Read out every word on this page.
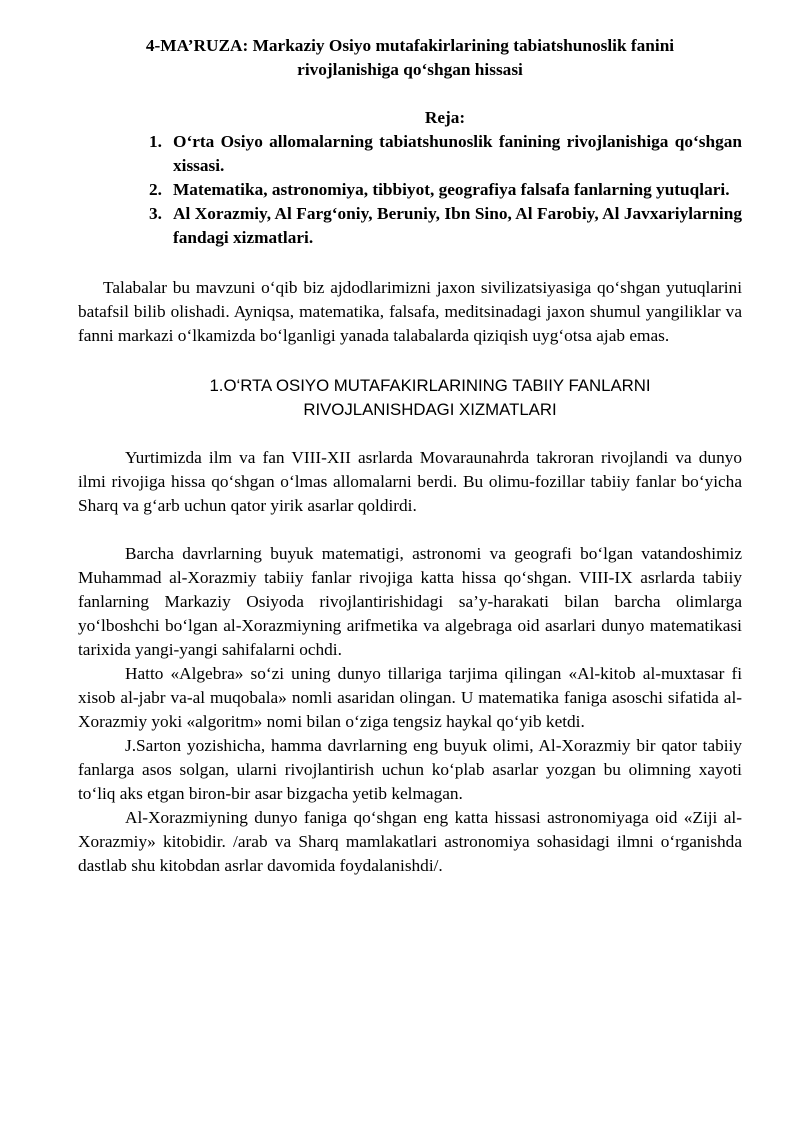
4-MA’RUZA: Markaziy Osiyo mutafakirlarining tabiatshunoslik fanini
rivojlanishiga qo‘shgan hissasi
Reja:
1. O‘rta Osiyo allomalarning tabiatshunoslik fanining rivojlanishiga qo‘shgan xissasi.
2. Matematika, astronomiya, tibbiyot, geografiya falsafa fanlarning yutuqlari.
3. Al Xorazmiy, Al Farg‘oniy, Beruniy, Ibn Sino, Al Farobiy, Al Javxariylarning fandagi xizmatlari.

Talabalar bu mavzuni o‘qib biz ajdodlarimizni jaxon sivilizatsiyasiga qo‘shgan yutuqlarini batafsil bilib olishadi. Ayniqsa, matematika, falsafa, meditsinadagi jaxon shumul yangiliklar va fanni markazi o‘lkamizda bo‘lganligi yanada talabalarda qiziqish uyg‘otsa ajab emas.

1.O‘RTA OSIYO MUTAFAKIRLARINING TABIIY FANLARNI
RIVOJLANISHDAGI XIZMATLARI

Yurtimizda ilm va fan VIII-XII asrlarda Movaraunahrda takroran rivojlandi va dunyo ilmi rivojiga hissa qo‘shgan o‘lmas allomalarni berdi. Bu olimu-fozillar tabiiy fanlar bo‘yicha Sharq va g‘arb uchun qator yirik asarlar qoldirdi.

Barcha davrlarning buyuk matematigi, astronomi va geografi bo‘lgan vatandoshimiz Muhammad al-Xorazmiy tabiiy fanlar rivojiga katta hissa qo‘shgan. VIII-IX asrlarda tabiiy fanlarning Markaziy Osiyoda rivojlantirishidagi sa’y-harakati bilan barcha olimlarga yo‘lboshchi bo‘lgan al-Xorazmiyning arifmetika va algebraga oid asarlari dunyo matematikasi tarixida yangi-yangi sahifalarni ochdi.

Hatto «Algebra» so‘zi uning dunyo tillariga tarjima qilingan «Al-kitob al-muxtasar fi xisob al-jabr va-al muqobala» nomli asaridan olingan. U matematika faniga asoschi sifatida al-Xorazmiy yoki «algoritm» nomi bilan o‘ziga tengsiz haykal qo‘yib ketdi.

J.Sarton yozishicha, hamma davrlarning eng buyuk olimi, Al-Xorazmiy bir qator tabiiy fanlarga asos solgan, ularni rivojlantirish uchun ko‘plab asarlar yozgan bu olimning xayoti to‘liq aks etgan biron-bir asar bizgacha yetib kelmagan.

Al-Xorazmiyning dunyo faniga qo‘shgan eng katta hissasi astronomiyaga oid «Ziji al-Xorazmiy» kitobidir. /arab va Sharq mamlakatlari astronomiya sohasidagi ilmni o‘rganishda dastlab shu kitobdan asrlar davomida foydalanishdi/.
